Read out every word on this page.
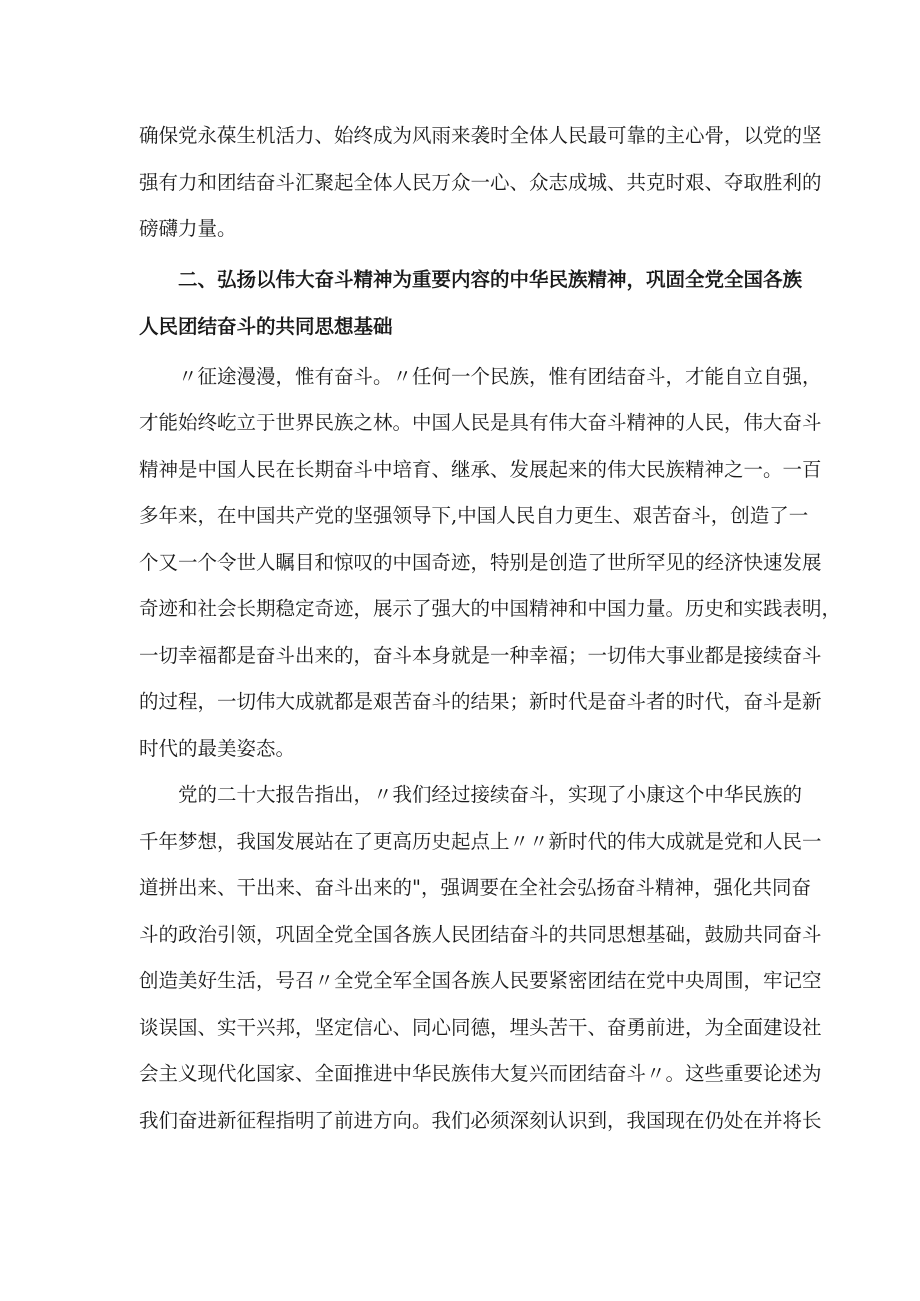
确保党永葆生机活力、始终成为风雨来袭时全体人民最可靠的主心骨，以党的坚
强有力和团结奋斗汇聚起全体人民万众一心、众志成城、共克时艰、夺取胜利的
磅礴力量。
二、弘扬以伟大奋斗精神为重要内容的中华民族精神，巩固全党全国各族
人民团结奋斗的共同思想基础
〃征途漫漫，惟有奋斗。〃任何一个民族，惟有团结奋斗，才能自立自强，
才能始终屹立于世界民族之林。中国人民是具有伟大奋斗精神的人民，伟大奋斗
精神是中国人民在长期奋斗中培育、继承、发展起来的伟大民族精神之一。一百
多年来，在中国共产党的坚强领导下,中国人民自力更生、艰苦奋斗，创造了一
个又一个令世人瞩目和惊叹的中国奇迹，特别是创造了世所罕见的经济快速发展
奇迹和社会长期稳定奇迹，展示了强大的中国精神和中国力量。历史和实践表明，
一切幸福都是奋斗出来的，奋斗本身就是一种幸福；一切伟大事业都是接续奋斗
的过程，一切伟大成就都是艰苦奋斗的结果；新时代是奋斗者的时代，奋斗是新
时代的最美姿态。
党的二十大报告指出，〃我们经过接续奋斗，实现了小康这个中华民族的
千年梦想，我国发展站在了更高历史起点上〃〃新时代的伟大成就是党和人民一
道拼出来、干出来、奋斗出来的"，强调要在全社会弘扬奋斗精神，强化共同奋
斗的政治引领，巩固全党全国各族人民团结奋斗的共同思想基础，鼓励共同奋斗
创造美好生活，号召〃全党全军全国各族人民要紧密团结在党中央周围，牢记空
谈误国、实干兴邦，坚定信心、同心同德，埋头苦干、奋勇前进，为全面建设社
会主义现代化国家、全面推进中华民族伟大复兴而团结奋斗〃。这些重要论述为
我们奋进新征程指明了前进方向。我们必须深刻认识到，我国现在仍处在并将长
